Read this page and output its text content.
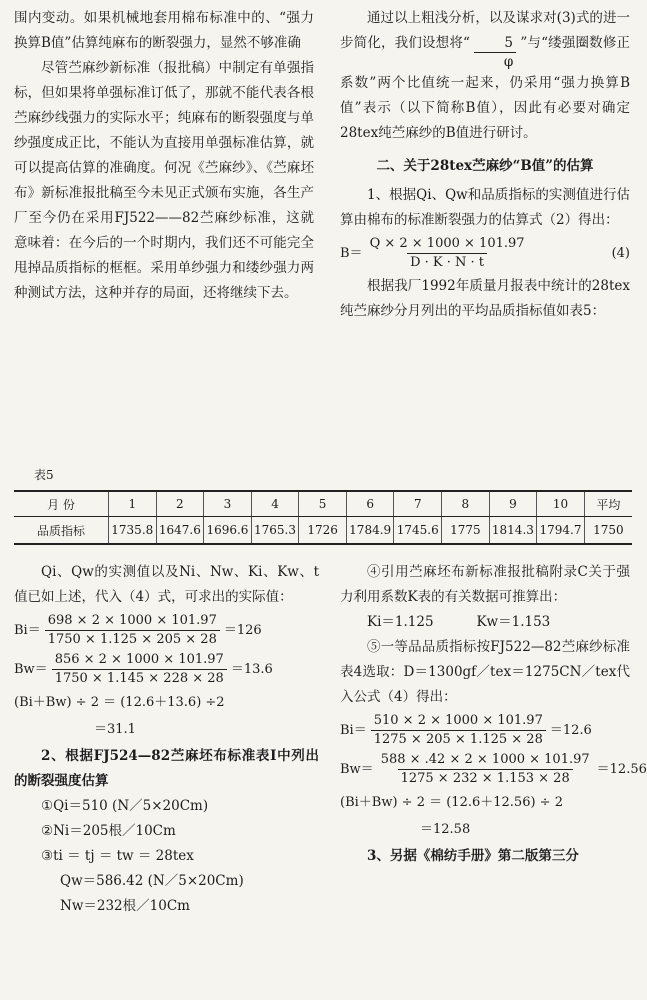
围内变动。如果机械地套用棉布标准中的、“强力换算B值”估算纯麻布的断裂强力，显然不够准确

尽管苎麻纱新标准（报批稿）中制定有单强指标，但如果将单强标准订低了，那就不能代表各根苎麻纱线强力的实际水平；纯麻布的断裂强度与单纱强度成正比，不能认为直接用单强标准估算，就可以提高估算的准确度。何况《苎麻纱》、《苎麻坯布》新标准报批稿至今未见正式颁布实施，各生产厂至今仍在采用FJ522——82苎麻纱标准，这就意味着：在今后的一个时期内，我们还不可能完全甩掉品质指标的框框。采用单纱强力和缕纱强力两种测试方法，这种并存的局面，还将继续下去。

通过以上粗浅分析，以及谋求对(3)式的进一步简化，我们设想将“ $\frac{5}{\varphi}$ ”与“缕强圈数修正系数”两个比值统一起来，仍采用“强力换算B值”表示（以下简称B值），因此有必要对确定28tex纯苎麻纱的B值进行研讨。

二、关于28tex苎麻纱“B值”的估算

1、根据Qi、Qw和品质指标的实测值进行估算由棉布的标准断裂强力的估算式（2）得出：

$B= \frac{Q \times 2 \times 1000 \times 101.97}{D \cdot K \cdot N \cdot t}$	(4)

根据我厂1992年质量月报表中统计的28tex纯苎麻纱分月列出的平均品质指标值如表5：

表5
月 份	1	2	3	4	5	6	7	8	9	10	平均
品质指标	1735.8	1647.6	1696.6	1765.3	1726	1784.9	1745.6	1775	1814.3	1794.7	1750

Qi、Qw的实测值以及Ni、Nw、Ki、Kw、t值已如上述，代入（4）式，可求出的实际值：

$Bi= \frac{698 \times 2 \times 1000 \times 101.97}{1750 \times 1.125 \times 205 \times 28} =126$
$Bw= \frac{856 \times 2 \times 1000 \times 101.97}{1750 \times 1.145 \times 228 \times 28} =13.6$
(Bi＋Bw) ÷ 2 ＝ (12.6＋13.6) ÷2
＝31.1

2、根据FJ524—82苎麻坯布标准表Ⅰ中列出的断裂强度估算

①Qi＝510 (N／5×20Cm)

②Ni＝205根／10Cm

③ti ＝ tj ＝ tw ＝ 28tex

Qw＝586.42 (N／5×20Cm)

Nw＝232根／10Cm

④引用苎麻坯布新标准报批稿附录C关于强力利用系数K表的有关数据可推算出：

Ki＝1.125          Kw＝1.153

⑤一等品品质指标按FJ522—82苎麻纱标准表4选取：D＝1300gf／tex＝1275CN／tex代入公式（4）得出：

$Bi= \frac{510 \times 2 \times 1000 \times 101.97}{1275 \times 205 \times 1.125 \times 28} =12.6$
$Bw= \frac{588 \times .42 \times 2 \times 1000 \times 101.97}{1275 \times 232 \times 1.153 \times 28} =12.56$
(Bi＋Bw) ÷ 2 ＝ (12.6＋12.56) ÷ 2
＝12.58

3、另据《棉纺手册》第二版第三分
